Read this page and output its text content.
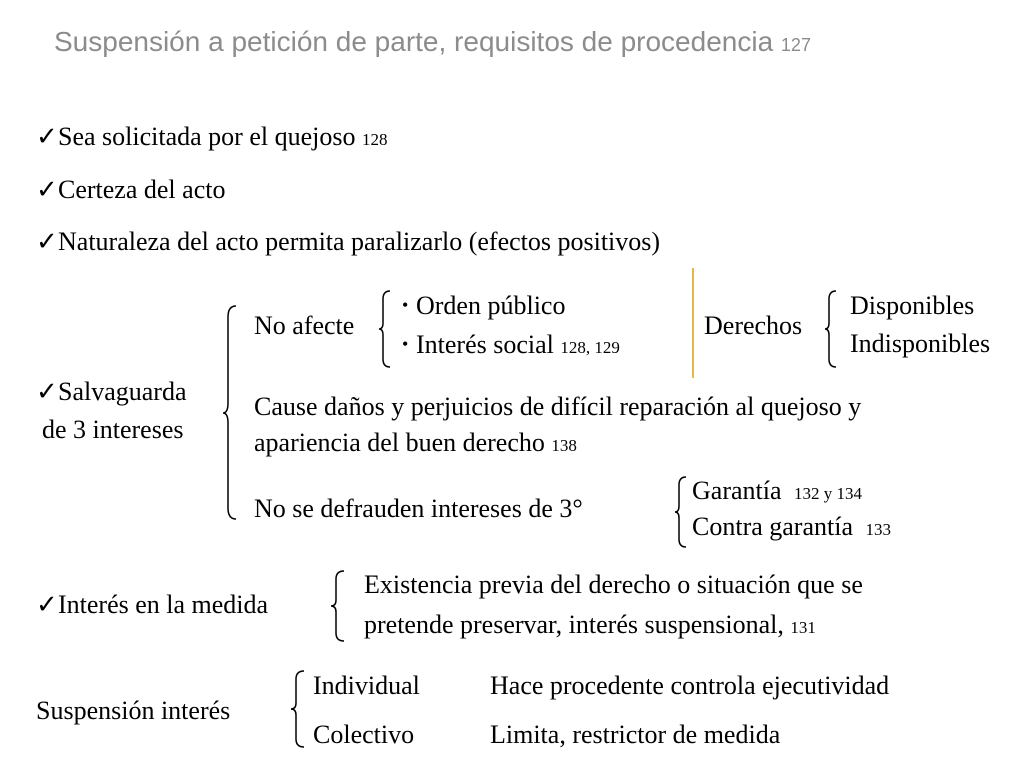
Suspensión a petición de parte, requisitos de procedencia 127
✓Sea solicitada por el quejoso 128
✓Certeza del acto
✓Naturaleza del acto permita paralizarlo (efectos positivos)
✓Salvaguarda
de 3 intereses
No afecte
• Orden público
• Interés social 128, 129
Derechos
Disponibles
Indisponibles
Cause daños y perjuicios de difícil reparación al quejoso y
apariencia del buen derecho 138
No se defrauden intereses de 3°
Garantía 132 y 134
Contra garantía 133
✓Interés en la medida
Existencia previa del derecho o situación que se
pretende preservar, interés suspensional, 131
Suspensión interés
Individual	Hace procedente controla ejecutividad
Colectivo	Limita, restrictor de medida
